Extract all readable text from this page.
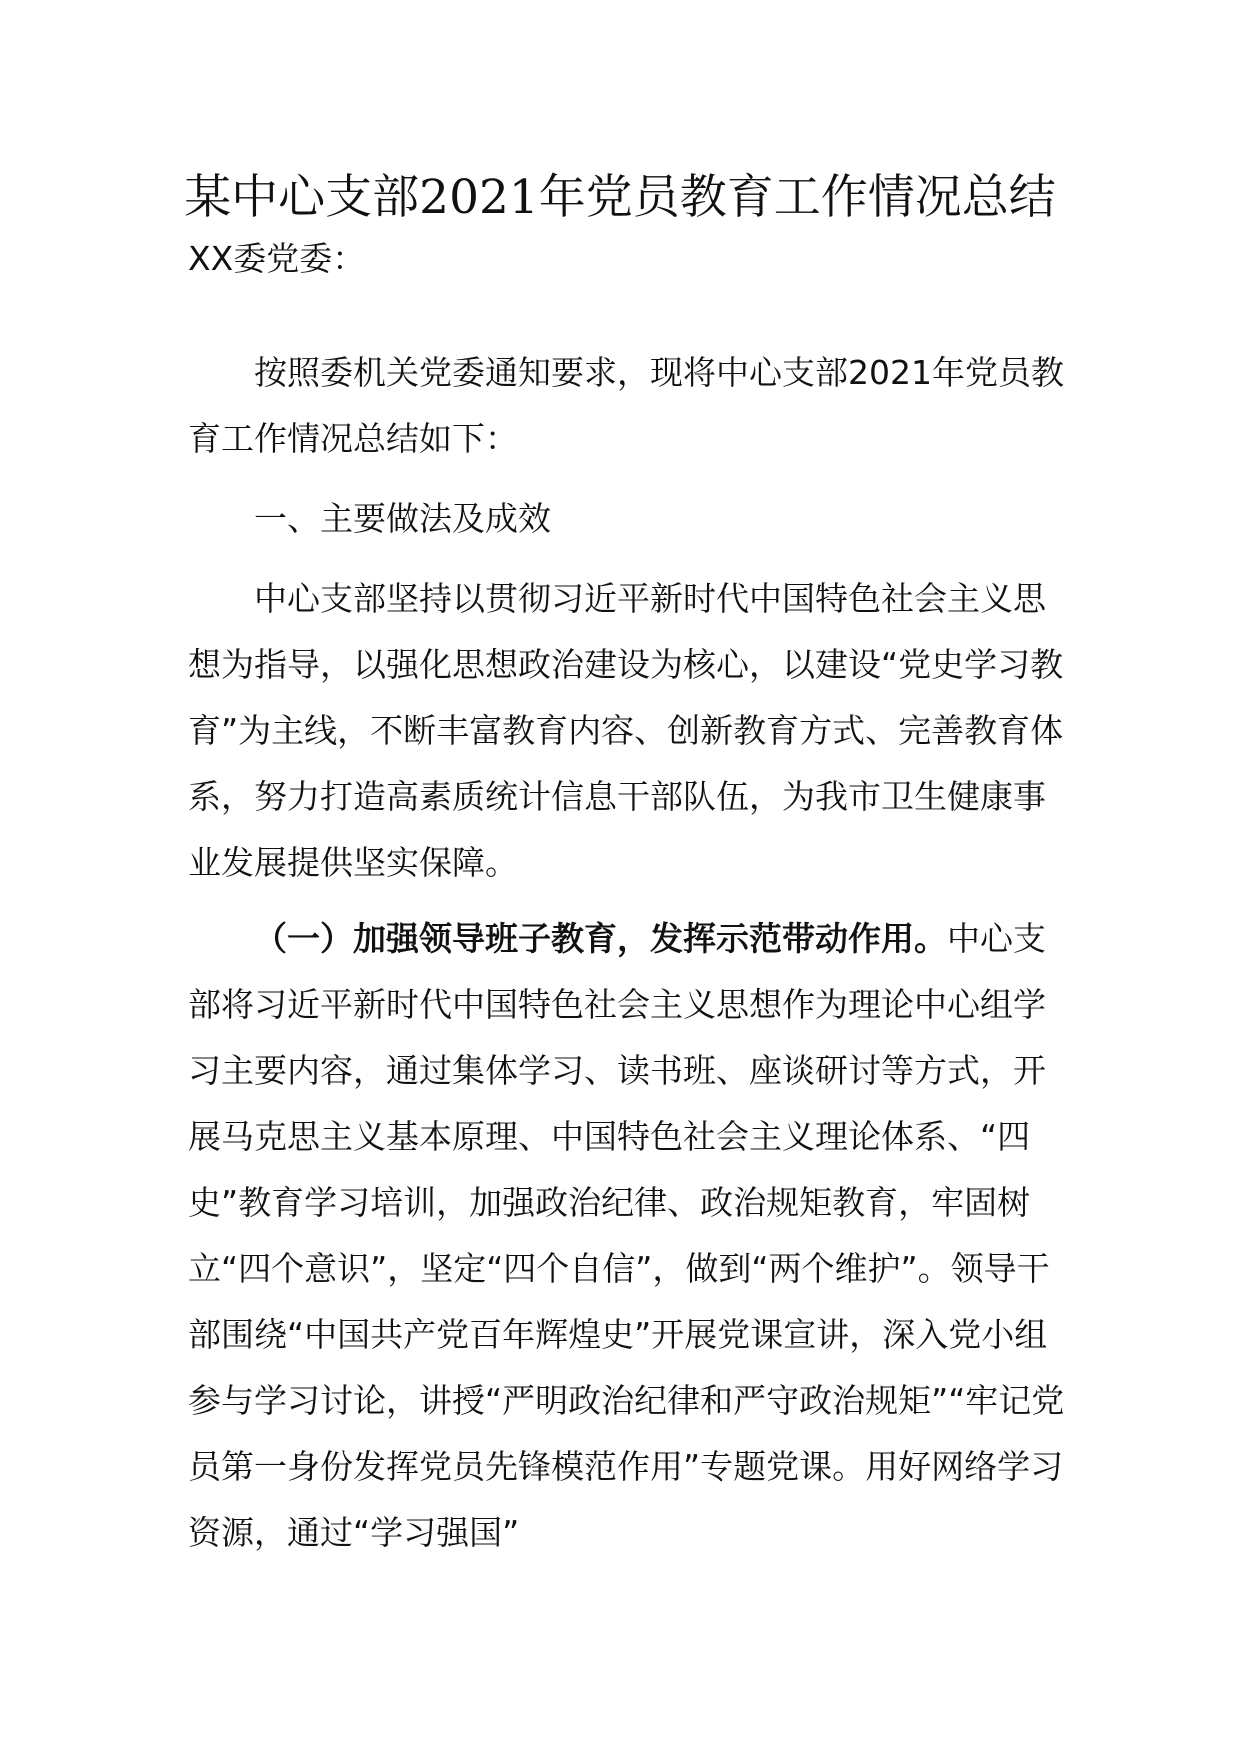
某中心支部2021年党员教育工作情况总结

XX委党委：

按照委机关党委通知要求，现将中心支部2021年党员教育工作情况总结如下：

一、主要做法及成效

中心支部坚持以贯彻习近平新时代中国特色社会主义思想为指导，以强化思想政治建设为核心，以建设“党史学习教育”为主线，不断丰富教育内容、创新教育方式、完善教育体系，努力打造高素质统计信息干部队伍，为我市卫生健康事业发展提供坚实保障。

（一）加强领导班子教育，发挥示范带动作用。中心支部将习近平新时代中国特色社会主义思想作为理论中心组学习主要内容，通过集体学习、读书班、座谈研讨等方式，开展马克思主义基本原理、中国特色社会主义理论体系、“四史”教育学习培训，加强政治纪律、政治规矩教育，牢固树立“四个意识”，坚定“四个自信”，做到“两个维护”。领导干部围绕“中国共产党百年辉煌史”开展党课宣讲，深入党小组参与学习讨论，讲授“严明政治纪律和严守政治规矩”“牢记党员第一身份发挥党员先锋模范作用”专题党课。用好网络学习资源，通过“学习强国”
